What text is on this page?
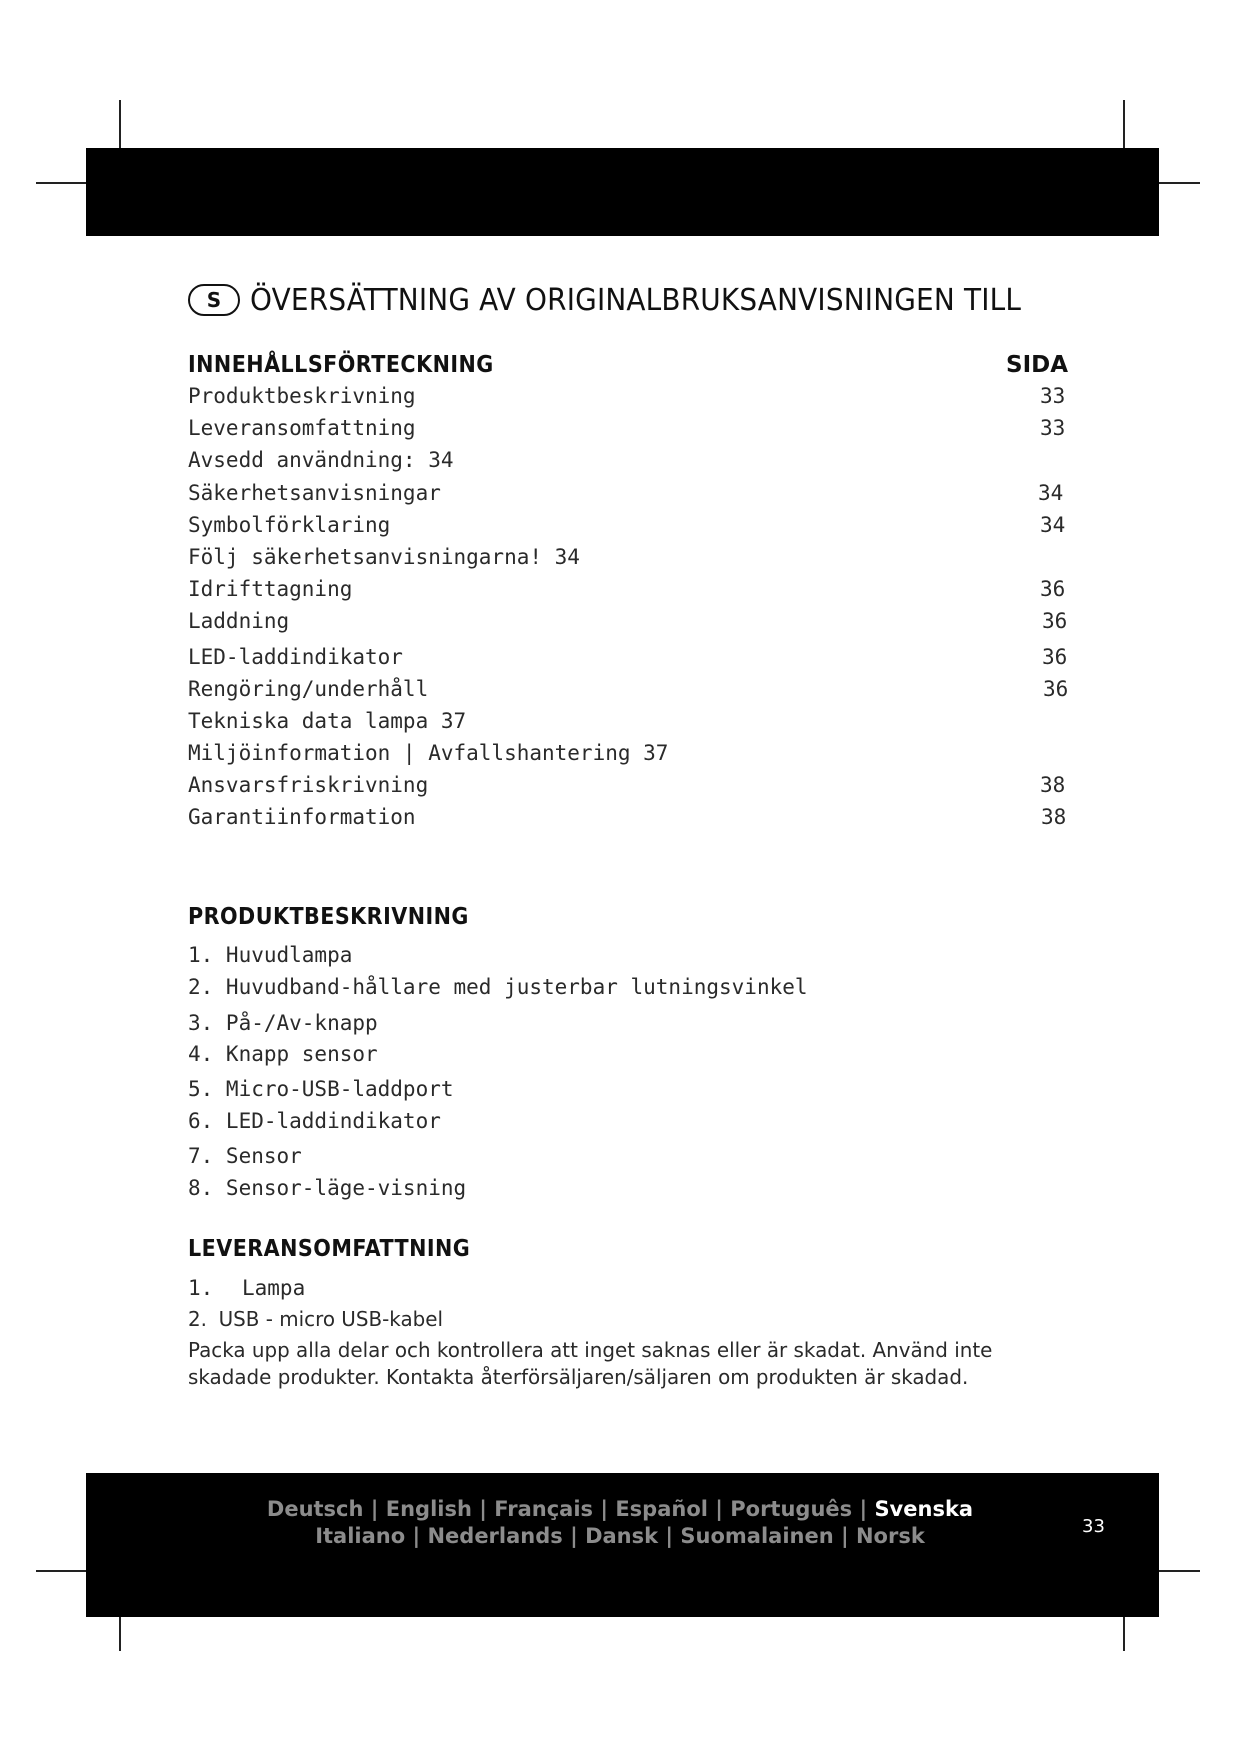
S ÖVERSÄTTNING AV ORIGINALBRUKSANVISNINGEN TILL
INNEHÅLLSFÖRTECKNING	SIDA
Produktbeskrivning	33
Leveransomfattning	33
Avsedd användning: 34
Säkerhetsanvisningar	34
Symbolförklaring	34
Följ säkerhetsanvisningarna! 34
Idrifttagning	36
Laddning	36
LED-laddindikator	36
Rengöring/underhåll	36
Tekniska data lampa 37
Miljöinformation | Avfallshantering 37
Ansvarsfriskrivning	38
Garantiinformation	38
PRODUKTBESKRIVNING
1. Huvudlampa
2. Huvudband-hållare med justerbar lutningsvinkel
3. På-/Av-knapp
4. Knapp sensor
5. Micro-USB-laddport
6. LED-laddindikator
7. Sensor
8. Sensor-läge-visning
LEVERANSOMFATTNING
1. Lampa
2. USB - micro USB-kabel
Packa upp alla delar och kontrollera att inget saknas eller är skadat. Använd inte
skadade produkter. Kontakta återförsäljaren/säljaren om produkten är skadad.
Deutsch | English | Français | Español | Português | Svenska
Italiano | Nederlands | Dansk | Suomalainen | Norsk	33
